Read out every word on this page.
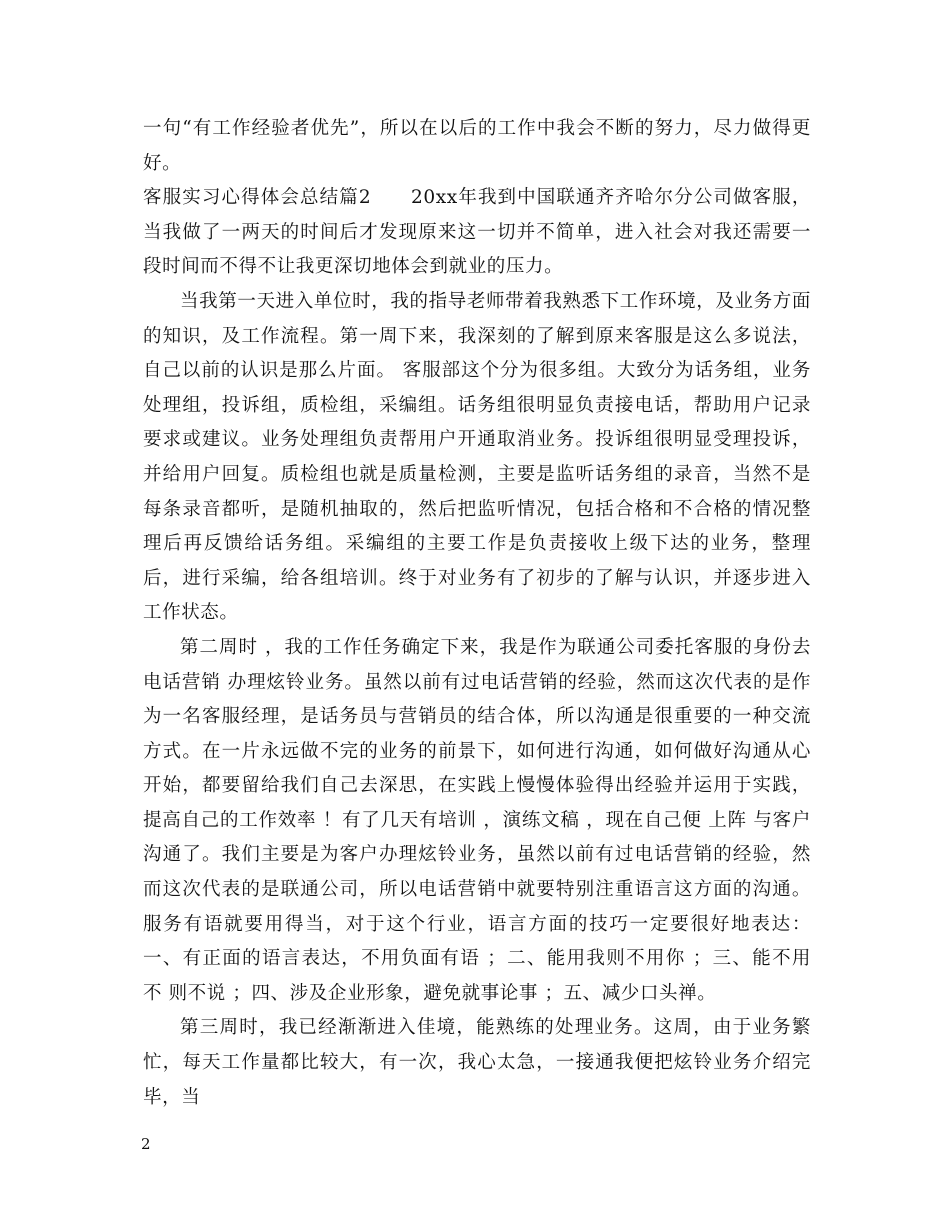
一句“有工作经验者优先”，所以在以后的工作中我会不断的努力，尽力做得更好。

客服实习心得体会总结篇2　　20xx年我到中国联通齐齐哈尔分公司做客服，当我做了一两天的时间后才发现原来这一切并不简单，进入社会对我还需要一段时间而不得不让我更深切地体会到就业的压力。

当我第一天进入单位时，我的指导老师带着我熟悉下工作环境，及业务方面的知识，及工作流程。第一周下来，我深刻的了解到原来客服是这么多说法，自己以前的认识是那么片面。 客服部这个分为很多组。大致分为话务组，业务处理组，投诉组，质检组，采编组。话务组很明显负责接电话，帮助用户记录要求或建议。业务处理组负责帮用户开通取消业务。投诉组很明显受理投诉，并给用户回复。质检组也就是质量检测，主要是监听话务组的录音，当然不是每条录音都听，是随机抽取的，然后把监听情况，包括合格和不合格的情况整理后再反馈给话务组。采编组的主要工作是负责接收上级下达的业务，整理后，进行采编，给各组培训。终于对业务有了初步的了解与认识，并逐步进入工作状态。

第二周时 ，我的工作任务确定下来，我是作为联通公司委托客服的身份去电话营销 办理炫铃业务。虽然以前有过电话营销的经验，然而这次代表的是作为一名客服经理，是话务员与营销员的结合体，所以沟通是很重要的一种交流方式。在一片永远做不完的业务的前景下，如何进行沟通，如何做好沟通从心开始，都要留给我们自己去深思，在实践上慢慢体验得出经验并运用于实践，提高自己的工作效率 ！有了几天有培训 ，演练文稿 ，现在自己便 上阵 与客户沟通了。我们主要是为客户办理炫铃业务，虽然以前有过电话营销的经验，然而这次代表的是联通公司，所以电话营销中就要特别注重语言这方面的沟通。服务有语就要用得当，对于这个行业，语言方面的技巧一定要很好地表达：一、有正面的语言表达，不用负面有语 ；二、能用我则不用你 ；三、能不用 不 则不说 ；四、涉及企业形象，避免就事论事 ；五、减少口头禅。

第三周时，我已经渐渐进入佳境，能熟练的处理业务。这周，由于业务繁忙，每天工作量都比较大，有一次，我心太急，一接通我便把炫铃业务介绍完毕，当

2
